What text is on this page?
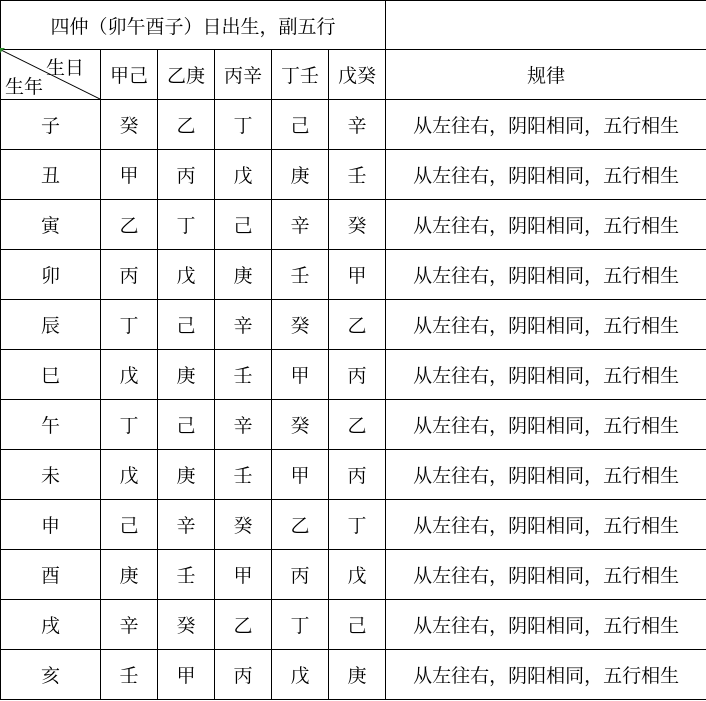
四仲（卯午酉子）日出生，副五行						

生日
生年	甲己	乙庚	丙辛	丁壬	戊癸	规律
子	癸	乙	丁	己	辛	从左往右，阴阳相同，五行相生
丑	甲	丙	戊	庚	壬	从左往右，阴阳相同，五行相生
寅	乙	丁	己	辛	癸	从左往右，阴阳相同，五行相生
卯	丙	戊	庚	壬	甲	从左往右，阴阳相同，五行相生
辰	丁	己	辛	癸	乙	从左往右，阴阳相同，五行相生
巳	戊	庚	壬	甲	丙	从左往右，阴阳相同，五行相生
午	丁	己	辛	癸	乙	从左往右，阴阳相同，五行相生
未	戊	庚	壬	甲	丙	从左往右，阴阳相同，五行相生
申	己	辛	癸	乙	丁	从左往右，阴阳相同，五行相生
酉	庚	壬	甲	丙	戊	从左往右，阴阳相同，五行相生
戌	辛	癸	乙	丁	己	从左往右，阴阳相同，五行相生
亥	壬	甲	丙	戊	庚	从左往右，阴阳相同，五行相生
